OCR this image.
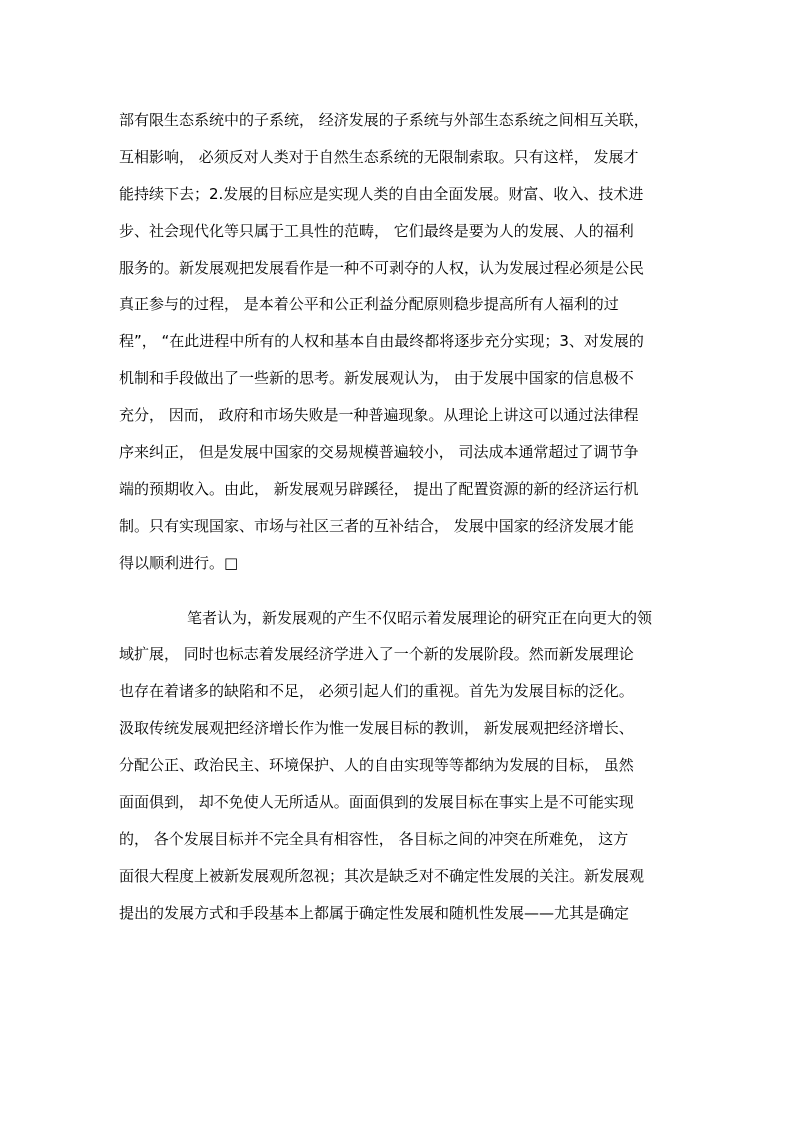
部有限生态系统中的子系统， 经济发展的子系统与外部生态系统之间相互关联，
互相影响， 必须反对人类对于自然生态系统的无限制索取。只有这样， 发展才
能持续下去；2.发展的目标应是实现人类的自由全面发展。财富、收入、技术进
步、社会现代化等只属于工具性的范畴， 它们最终是要为人的发展、人的福利
服务的。新发展观把发展看作是一种不可剥夺的人权，认为发展过程必须是公民
真正参与的过程， 是本着公平和公正利益分配原则稳步提高所有人福利的过
程”， “在此进程中所有的人权和基本自由最终都将逐步充分实现；3、对发展的
机制和手段做出了一些新的思考。新发展观认为， 由于发展中国家的信息极不
充分， 因而， 政府和市场失败是一种普遍现象。从理论上讲这可以通过法律程
序来纠正， 但是发展中国家的交易规模普遍较小， 司法成本通常超过了调节争
端的预期收入。由此， 新发展观另辟蹊径， 提出了配置资源的新的经济运行机
制。只有实现国家、市场与社区三者的互补结合， 发展中国家的经济发展才能
得以顺利进行。□
笔者认为，新发展观的产生不仅昭示着发展理论的研究正在向更大的领
域扩展， 同时也标志着发展经济学进入了一个新的发展阶段。然而新发展理论
也存在着诸多的缺陷和不足， 必须引起人们的重视。首先为发展目标的泛化。
汲取传统发展观把经济增长作为惟一发展目标的教训， 新发展观把经济增长、
分配公正、政治民主、环境保护、人的自由实现等等都纳为发展的目标， 虽然
面面俱到， 却不免使人无所适从。面面俱到的发展目标在事实上是不可能实现
的， 各个发展目标并不完全具有相容性， 各目标之间的冲突在所难免， 这方
面很大程度上被新发展观所忽视；其次是缺乏对不确定性发展的关注。新发展观
提出的发展方式和手段基本上都属于确定性发展和随机性发展——尤其是确定
